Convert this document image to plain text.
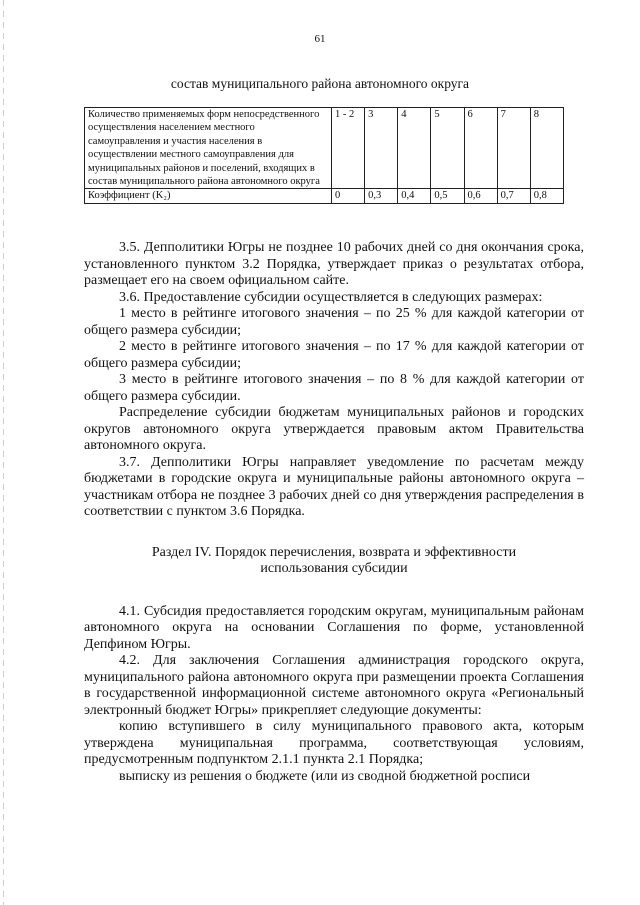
61
состав муниципального района автономного округа
Количество применяемых форм непосредственного осуществления населением местного самоуправления и участия населения в осуществлении местного самоуправления для муниципальных районов и поселений, входящих в состав муниципального района автономного округа	1 - 2	3	4	5	6	7	8
Коэффициент (K₂)	0	0,3	0,4	0,5	0,6	0,7	0,8

3.5. Депполитики Югры не позднее 10 рабочих дней со дня окончания срока, установленного пунктом 3.2 Порядка, утверждает приказ о результатах отбора, размещает его на своем официальном сайте.

3.6. Предоставление субсидии осуществляется в следующих размерах:

1 место в рейтинге итогового значения – по 25 % для каждой категории от общего размера субсидии;

2 место в рейтинге итогового значения – по 17 % для каждой категории от общего размера субсидии;

3 место в рейтинге итогового значения – по 8 % для каждой категории от общего размера субсидии.

Распределение субсидии бюджетам муниципальных районов и городских округов автономного округа утверждается правовым актом Правительства автономного округа.

3.7. Депполитики Югры направляет уведомление по расчетам между бюджетами в городские округа и муниципальные районы автономного округа – участникам отбора не позднее 3 рабочих дней со дня утверждения распределения в соответствии с пунктом 3.6 Порядка.

Раздел IV. Порядок перечисления, возврата и эффективности

использования субсидии

4.1. Субсидия предоставляется городским округам, муниципальным районам автономного округа на основании Соглашения по форме, установленной Депфином Югры.

4.2. Для заключения Соглашения администрация городского округа, муниципального района автономного округа при размещении проекта Соглашения в государственной информационной системе автономного округа «Региональный электронный бюджет Югры» прикрепляет следующие документы:

копию вступившего в силу муниципального правового акта, которым утверждена муниципальная программа, соответствующая условиям, предусмотренным подпунктом 2.1.1 пункта 2.1 Порядка;

выписку из решения о бюджете (или из сводной бюджетной росписи
